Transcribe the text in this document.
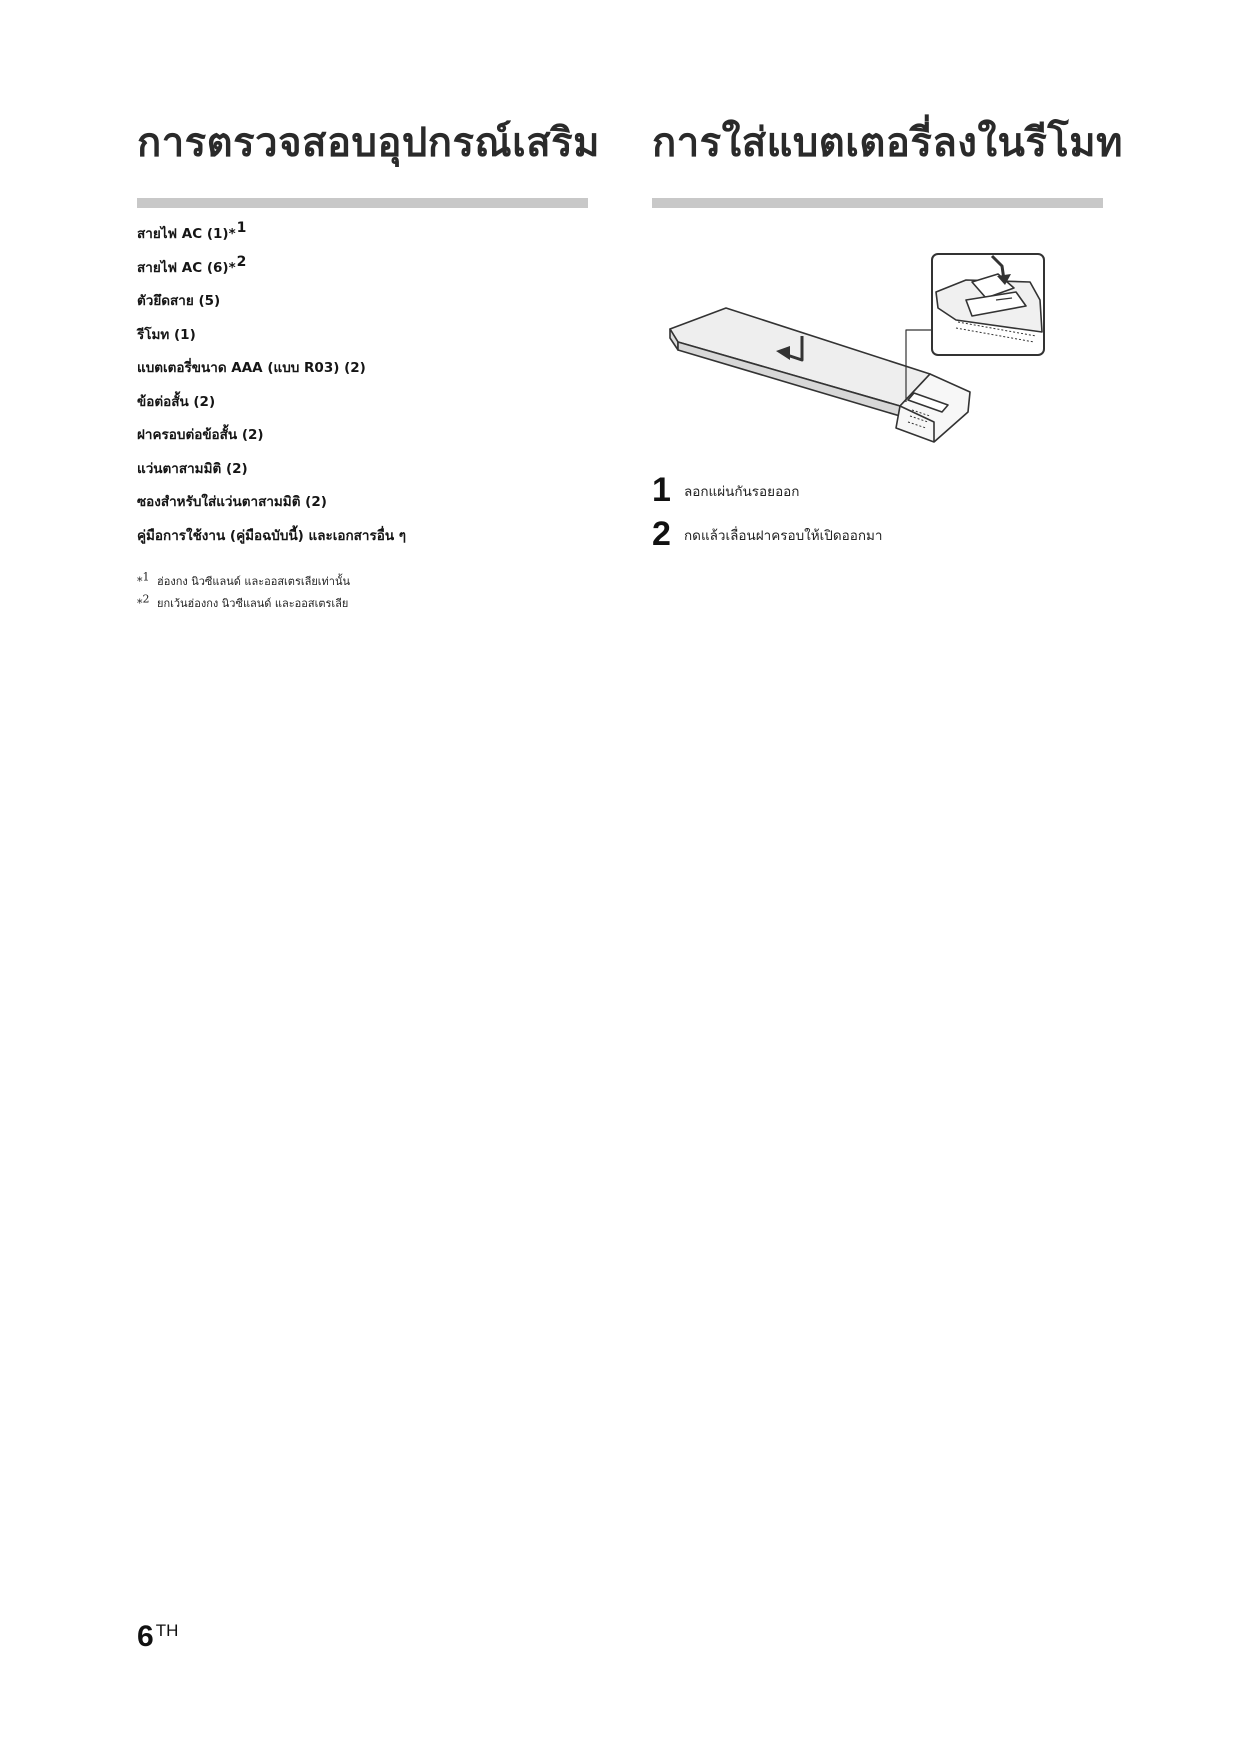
การตรวจสอบอุปกรณ์เสริม
สายไฟ AC (1)*$^1$
สายไฟ AC (6)*$^2$
ตัวยึดสาย (5)
รีโมท (1)
แบตเตอรี่ขนาด AAA (แบบ R03) (2)
ข้อต่อสั้น (2)
ฝาครอบต่อข้อสั้น (2)
แว่นตาสามมิติ (2)
ซองสำหรับใส่แว่นตาสามมิติ (2)
คู่มือการใช้งาน (คู่มือฉบับนี้) และเอกสารอื่น ๆ
*$^1$ ฮ่องกง นิวซีแลนด์ และออสเตรเลียเท่านั้น
*$^2$ ยกเว้นฮ่องกง นิวซีแลนด์ และออสเตรเลีย
การใส่แบตเตอรี่ลงในรีโมท
1 ลอกแผ่นกันรอยออก
2 กดแล้วเลื่อนฝาครอบให้เปิดออกมา
6 TH
